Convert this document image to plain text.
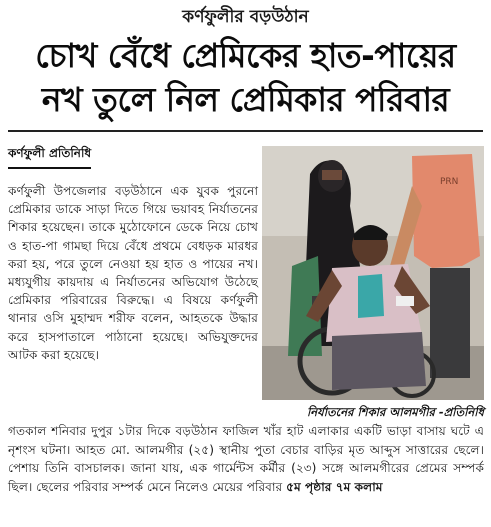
কর্ণফুলীর বড়উঠান
চোখ বেঁধে প্রেমিকের হাত-পায়ের
নখ তুলে নিল প্রেমিকার পরিবার
কর্ণফুলী প্রতিনিধি
কর্ণফুলী উপজেলার বড়উঠানে এক যুবক পুরনো প্রেমিকার ডাকে সাড়া দিতে গিয়ে ভয়াবহ নির্যাতনের শিকার হয়েছেন। তাকে মুঠোফোনে ডেকে নিয়ে চোখ ও হাত-পা গামছা দিয়ে বেঁধে প্রথমে বেধড়ক মারধর করা হয়, পরে তুলে নেওয়া হয় হাত ও পায়ের নখ। মধ্যযুগীয় কায়দায় এ নির্যাতনের অভিযোগ উঠেছে প্রেমিকার পরিবারের বিরুদ্ধে। এ বিষয়ে কর্ণফুলী থানার ওসি মুহাম্মদ শরীফ বলেন, আহতকে উদ্ধার করে হাসপাতালে পাঠানো হয়েছে। অভিযুক্তদের আটক করা হয়েছে।
PRN
নির্যাতনের শিকার আলমগীর -প্রতিনিধি
গতকাল শনিবার দুপুর ১টার দিকে বড়উঠান ফাজিল খাঁর হাট এলাকার একটি ভাড়া বাসায় ঘটে এ নৃশংস ঘটনা। আহত মো. আলমগীর (২৫) স্থানীয় পুতা বেচার বাড়ির মৃত আব্দুস সাত্তারের ছেলে। পেশায় তিনি বাসচালক। জানা যায়, এক গার্মেন্টস কর্মীর (২৩) সঙ্গে আলমগীরের প্রেমের সম্পর্ক ছিল। ছেলের পরিবার সম্পর্ক মেনে নিলেও মেয়ের পরিবার ৫ম পৃষ্ঠার ৭ম কলাম
